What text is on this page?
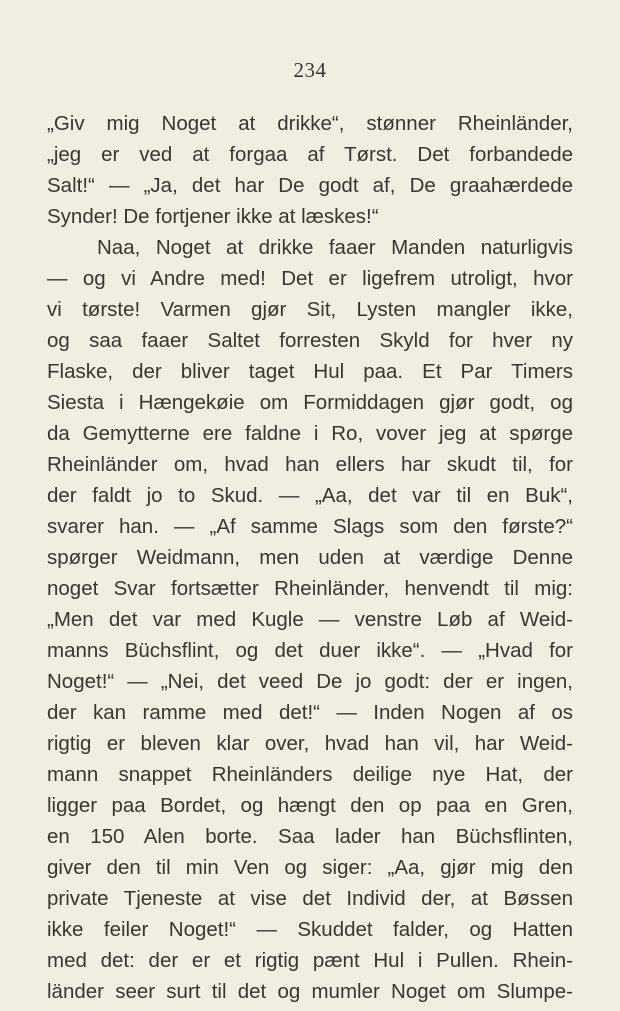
234
„Giv mig Noget at drikke“, stønner Rheinländer,
„jeg er ved at forgaa af Tørst. Det forbandede
Salt!“ — „Ja, det har De godt af, De graahærdede
Synder! De fortjener ikke at læskes!“
Naa, Noget at drikke faaer Manden naturligvis
— og vi Andre med! Det er ligefrem utroligt, hvor
vi tørste! Varmen gjør Sit, Lysten mangler ikke,
og saa faaer Saltet forresten Skyld for hver ny
Flaske, der bliver taget Hul paa. Et Par Timers
Siesta i Hængekøie om Formiddagen gjør godt, og
da Gemytterne ere faldne i Ro, vover jeg at spørge
Rheinländer om, hvad han ellers har skudt til, for
der faldt jo to Skud. — „Aa, det var til en Buk“,
svarer han. — „Af samme Slags som den første?“
spørger Weidmann, men uden at værdige Denne
noget Svar fortsætter Rheinländer, henvendt til mig:
„Men det var med Kugle — venstre Løb af Weid-
manns Büchsflint, og det duer ikke“. — „Hvad for
Noget!“ — „Nei, det veed De jo godt: der er ingen,
der kan ramme med det!“ — Inden Nogen af os
rigtig er bleven klar over, hvad han vil, har Weid-
mann snappet Rheinländers deilige nye Hat, der
ligger paa Bordet, og hængt den op paa en Gren,
en 150 Alen borte. Saa lader han Büchsflinten,
giver den til min Ven og siger: „Aa, gjør mig den
private Tjeneste at vise det Individ der, at Bøssen
ikke feiler Noget!“ — Skuddet falder, og Hatten
med det: der er et rigtig pænt Hul i Pullen. Rhein-
länder seer surt til det og mumler Noget om Slumpe-
